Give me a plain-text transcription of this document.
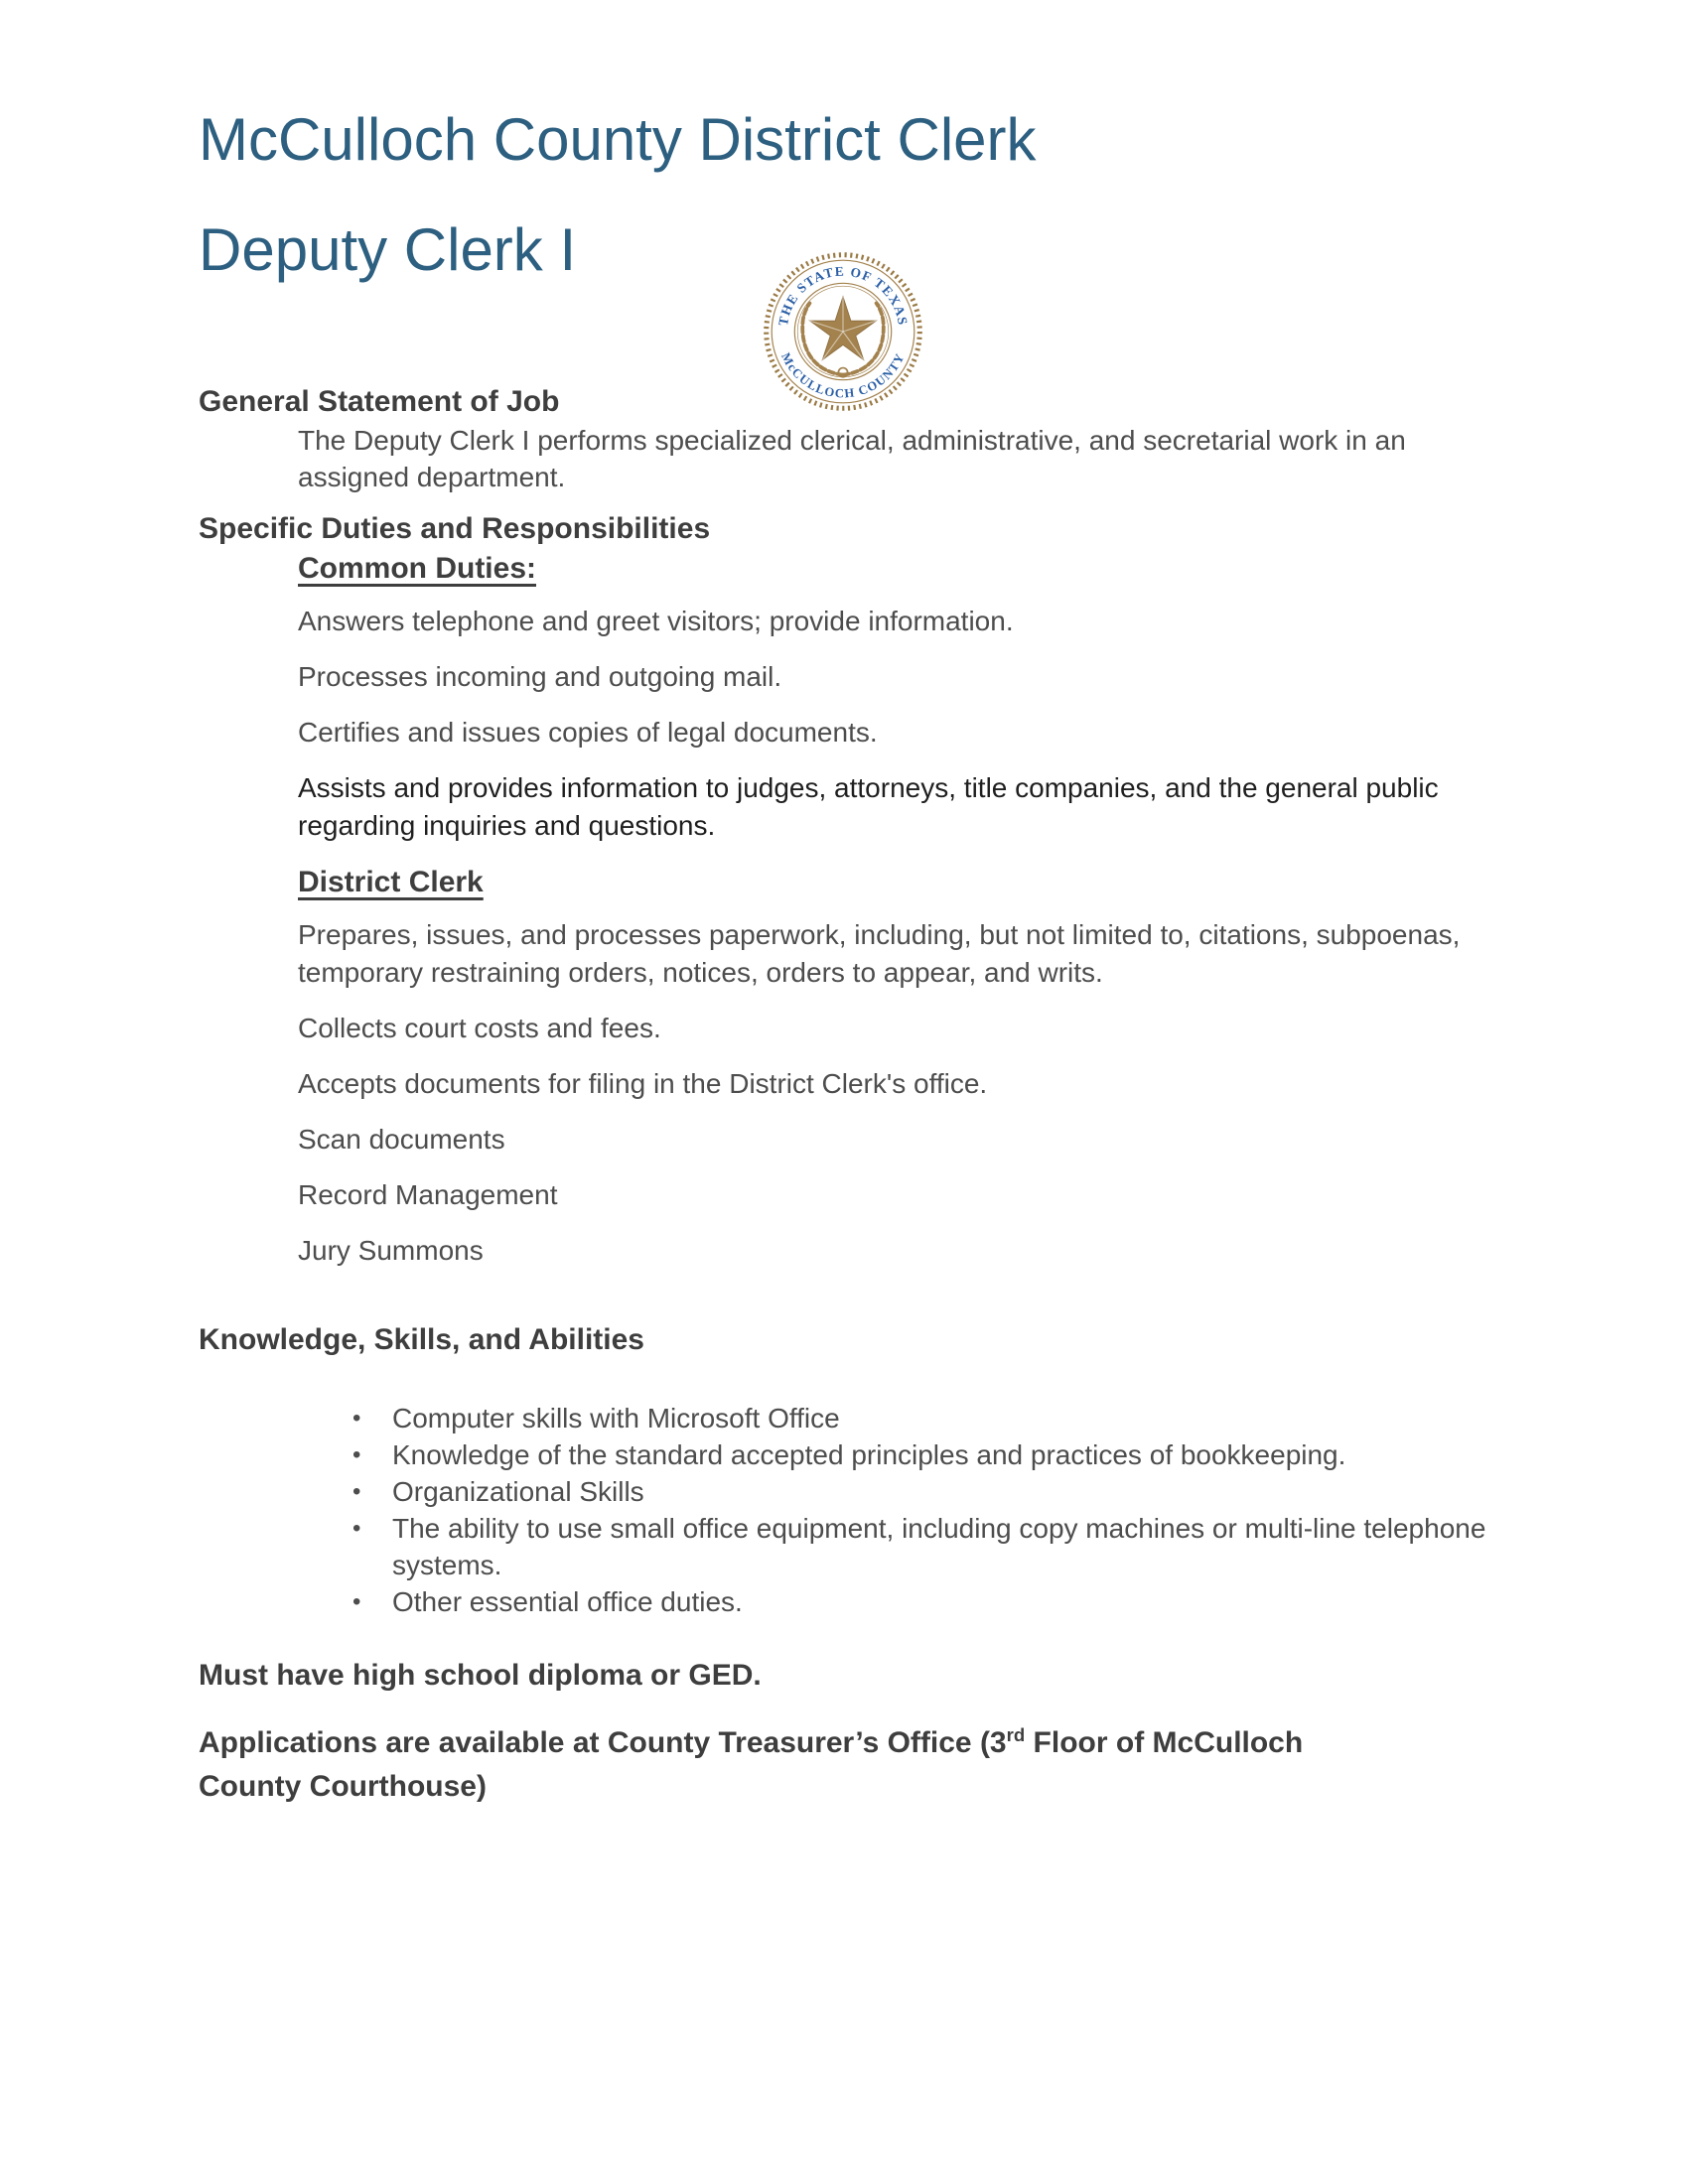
McCulloch County District Clerk
Deputy Clerk I
THE STATE OF TEXAS
McCULLOCH COUNTY
General Statement of Job

The Deputy Clerk I performs specialized clerical, administrative, and secretarial work in an assigned department.

Specific Duties and Responsibilities
Common Duties:

Answers telephone and greet visitors; provide information.

Processes incoming and outgoing mail.

Certifies and issues copies of legal documents.

Assists and provides information to judges, attorneys, title companies, and the general public regarding inquiries and questions.

District Clerk

Prepares, issues, and processes paperwork, including, but not limited to, citations, subpoenas, temporary restraining orders, notices, orders to appear, and writs.

Collects court costs and fees.

Accepts documents for filing in the District Clerk's office.

Scan documents

Record Management

Jury Summons

Knowledge, Skills, and Abilities
•	Computer skills with Microsoft Office
•	Knowledge of the standard accepted principles and practices of bookkeeping.
•	Organizational Skills
•	The ability to use small office equipment, including copy machines or multi-line telephone systems.
•	Other essential office duties.
Must have high school diploma or GED.
Applications are available at County Treasurer’s Office (3rd Floor of McCulloch County Courthouse)
